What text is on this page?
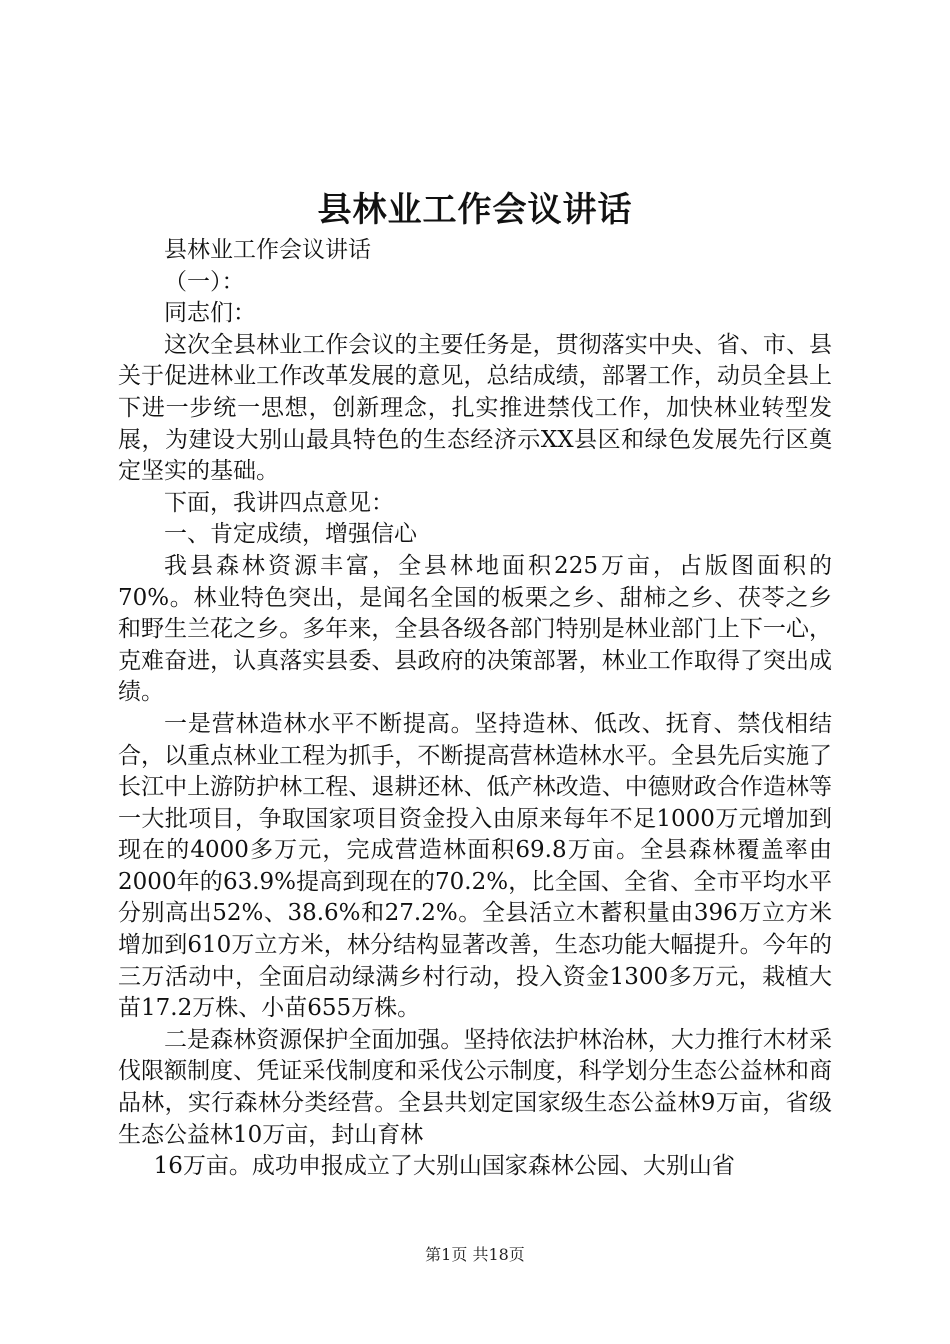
县林业工作会议讲话

县林业工作会议讲话

（一）：

同志们：

这次全县林业工作会议的主要任务是，贯彻落实中央、省、市、县关于促进林业工作改革发展的意见，总结成绩，部署工作，动员全县上下进一步统一思想，创新理念，扎实推进禁伐工作，加快林业转型发展，为建设大别山最具特色的生态经济示XX县区和绿色发展先行区奠定坚实的基础。

下面，我讲四点意见：

一、肯定成绩，增强信心

我县森林资源丰富，全县林地面积225万亩，占版图面积的70%。林业特色突出，是闻名全国的板栗之乡、甜柿之乡、茯苓之乡和野生兰花之乡。多年来，全县各级各部门特别是林业部门上下一心，克难奋进，认真落实县委、县政府的决策部署，林业工作取得了突出成绩。

一是营林造林水平不断提高。坚持造林、低改、抚育、禁伐相结合，以重点林业工程为抓手，不断提高营林造林水平。全县先后实施了长江中上游防护林工程、退耕还林、低产林改造、中德财政合作造林等一大批项目，争取国家项目资金投入由原来每年不足1000万元增加到现在的4000多万元，完成营造林面积69.8万亩。全县森林覆盖率由2000年的63.9%提高到现在的70.2%，比全国、全省、全市平均水平分别高出52%、38.6%和27.2%。全县活立木蓄积量由396万立方米增加到610万立方米，林分结构显著改善，生态功能大幅提升。今年的三万活动中，全面启动绿满乡村行动，投入资金1300多万元，栽植大苗17.2万株、小苗655万株。

二是森林资源保护全面加强。坚持依法护林治林，大力推行木材采伐限额制度、凭证采伐制度和采伐公示制度，科学划分生态公益林和商品林，实行森林分类经营。全县共划定国家级生态公益林9万亩，省级生态公益林10万亩，封山育林

16万亩。成功申报成立了大别山国家森林公园、大别山省

第1页 共18页
